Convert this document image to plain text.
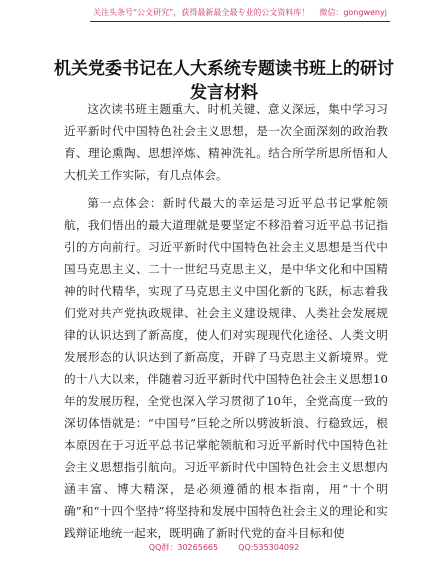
关注头条号“公文研究”，获得最新最全最专业的公文资料库！ 微信：gongwenyj
机关党委书记在人大系统专题读书班上的研讨
发言材料

这次读书班主题重大、时机关键、意义深远，集中学习习近平新时代中国特色社会主义思想，是一次全面深刻的政治教育、理论熏陶、思想淬炼、精神洗礼。结合所学所思所悟和人大机关工作实际，有几点体会。

第一点体会：新时代最大的幸运是习近平总书记掌舵领航，我们悟出的最大道理就是要坚定不移沿着习近平总书记指引的方向前行。习近平新时代中国特色社会主义思想是当代中国马克思主义、二十一世纪马克思主义，是中华文化和中国精神的时代精华，实现了马克思主义中国化新的飞跃，标志着我们党对共产党执政规律、社会主义建设规律、人类社会发展规律的认识达到了新高度，使人们对实现现代化途径、人类文明发展形态的认识达到了新高度，开辟了马克思主义新境界。党的十八大以来，伴随着习近平新时代中国特色社会主义思想10年的发展历程，全党也深入学习贯彻了10年，全党高度一致的深切体悟就是：“中国号”巨轮之所以劈波斩浪、行稳致远，根本原因在于习近平总书记掌舵领航和习近平新时代中国特色社会主义思想指引航向。习近平新时代中国特色社会主义思想内涵丰富、博大精深，是必须遵循的根本指南，用“十个明确”和“十四个坚持”将坚持和发展中国特色社会主义的理论和实践辩证地统一起来，既明确了新时代党的奋斗目标和使

QQ群：30265665	QQ:535304092
